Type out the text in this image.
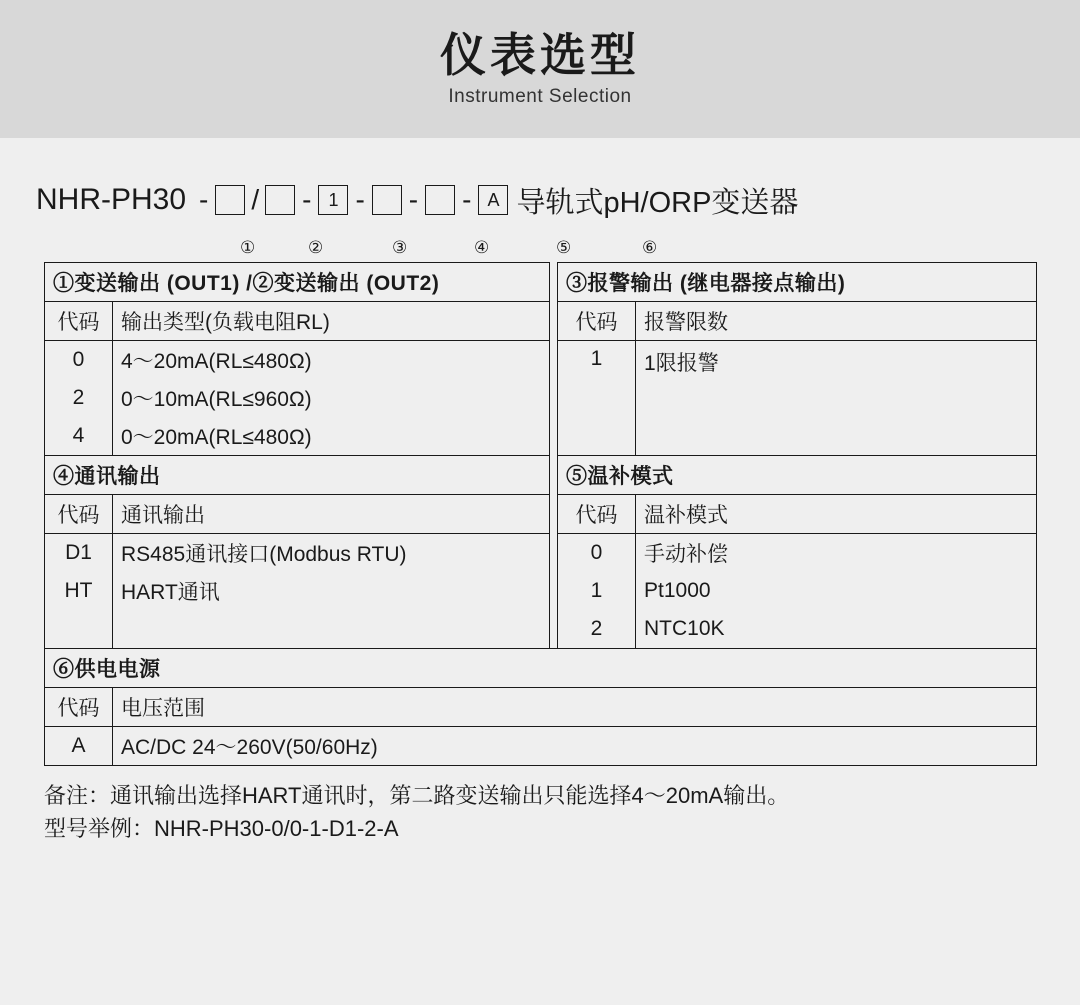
仪表选型
Instrument Selection
NHR-PH30 - / - 1 - - - A 导轨式pH/ORP变送器
①	②	③	④	⑤	⑥
①变送输出 (OUT1) /②变送输出 (OUT2)			③报警输出 (继电器接点输出)	
代码	输出类型(负载电阻RL)		代码	报警限数
0	4～20mA(RL≤480Ω)		1	1限报警
2	0～10mA(RL≤960Ω)			
4	0～20mA(RL≤480Ω)			
④通讯输出			⑤温补模式	
代码	通讯输出		代码	温补模式
D1	RS485通讯接口(Modbus RTU)		0	手动补偿
HT	HART通讯		1	Pt1000
			2	NTC10K
⑥供电电源				
代码	电压范围			
A	AC/DC 24～260V(50/60Hz)			
备注：通讯输出选择HART通讯时，第二路变送输出只能选择4～20mA输出。
型号举例：NHR-PH30-0/0-1-D1-2-A
